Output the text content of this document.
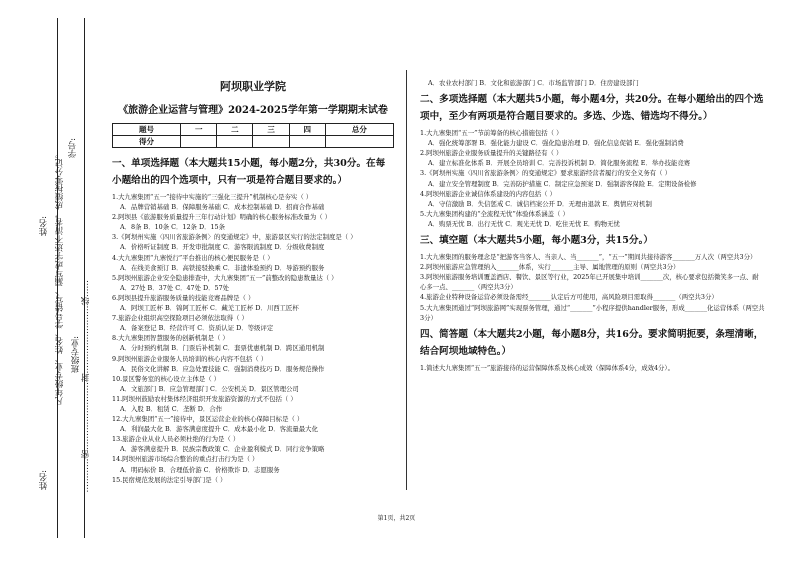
学号:
姓名: 凡年级专业、姓名、学号错写、漏写或字迹不清者，成绩按零分记。 班级专业: …………密……………………封……………………线……
姓名:
阿坝职业学院
《旅游企业运营与管理》2024-2025学年第一学期期末试卷
题号	一	二	三	四	总分
得分					
一、单项选择题（本大题共15小题，每小题2分，共30分。在每小题给出的四个选项中，只有一项是符合题目要求的。）
1.大九寨集团“五一”接待中实施的“三强化三提升”机制核心是夯实（ ）
A．品牌营销基础 B．保障服务基础 C．成本控制基础 D．招商合作基础
2.阿坝县《旅游服务质量提升三年行动计划》明确的核心服务标准改量为（ ）
A．8条 B．10条 C．12条 D．15条
3.《阿坝州实施〈四川省旅游条例〉的变通规定》中，旅游景区实行的法定制度是（ ）
A．价格听证制度 B．开发审批制度 C．游客限流制度 D．分级收费制度
4.大九寨集团“九寨悦行”平台推出的核心便民服务是（ ）
A．在线美食预订 B．高铁接驳换乘 C．非遗体验预约 D．导游预约服务
5.阿坝州旅游企业安全隐患排查中，大九寨集团“五一”前整改的隐患数量达（ ）
A．27处 B．37处 C．47处 D．57处
6.阿坝县提升旅游服务质量的技能竞赛品牌是（ ）
A．阿坝工匠杯 B．锦阿工匠杯 C．藏羌工匠杯 D．川西工匠杯
7.旅游企业组织高空探险项目必须依法取得（ ）
A．备案登记 B．经营许可 C．资质认证 D．等级评定
8.大九寨集团智慧服务的创新机制是（ ）
A．分时预约机制 B．门票后补机制 C．套票优惠机制 D．跨区通用机制
9.阿坝州旅游企业服务人员培训的核心内容不包括（ ）
A．民俗文化讲解 B．应急处置技能 C．强制消费技巧 D．服务规范操作
10.景区警务室的核心设立主体是（ ）
A．文旅部门 B．应急管理部门 C．公安机关 D．景区管理公司
11.阿坝州鼓励农村集体经济组织开发旅游资源的方式不包括（ ）
A．入股 B．租赁 C．垄断 D．合作
12.大九寨集团“五一”接待中，景区运营企业的核心保障目标是（ ）
A．利润最大化 B．游客满意度提升 C．成本最小化 D．客流量最大化
13.旅游企业从业人员必须杜绝的行为是（ ）
A．游客满意提升 B．民族宗教政策 C．企业盈利模式 D．同行竞争策略
14.阿坝州旅游市场综合整治的重点打击行为是（ ）
A．明码标价 B．合理低价游 C．价格欺诈 D．志愿服务
15.民宿规范发展的法定引导部门是（ ）
A．农业农村部门 B．文化和旅游部门 C．市场监管部门 D．住房建设部门
二、多项选择题（本大题共5小题，每小题4分，共20分。在每小题给出的四个选项中，至少有两项是符合题目要求的。多选、少选、错选均不得分。）
1.大九寨集团“五一”节前筹备的核心措施包括（ ）
A．强化统筹部署 B．强化能力建设 C．强化隐患治理 D．强化信息促销 E．强化强制消费
2.阿坝州旅游企业服务质量提升的关键路径有（ ）
A．建立标准化体系 B．开展全员培训 C．完善投诉机制 D．简化服务流程 E．举办技能竞赛
3.《阿坝州实施〈四川省旅游条例〉的变通规定》要求旅游经营者履行的安全义务有（ ）
A．建立安全管理制度 B．完善防护措施 C．制定应急预案 D．强制游客保险 E．定期设备检修
4.阿坝州旅游企业诚信体系建设的内容包括（ ）
A．守信激励 B．失信惩戒 C．诚信档案公开 D．无理由退款 E．舆情应对机制
5.大九寨集团构建的“全流程无忧”体验体系涵盖（ ）
A．购票无忧 B．出行无忧 C．观光无忧 D．吃住无忧 E．购物无忧
三、填空题（本大题共5小题，每小题3分，共15分。）
1.大九寨集团的服务理念是“把游客当客人、当亲人、当_______”，“五一”期间共接待游客_______万人次（两空共3分）
2.阿坝州旅游应急管理纳入_______体系，实行_______主导、属地管理的原则（两空共3分）
3.阿坝州旅游服务培训覆盖酒店、餐饮、景区等行业，2025年已开展集中培训_______次，核心要求包括微笑多一点、耐心多一点、_______（两空共3分）
4.旅游企业特种设备运营必须设备需经_______认定后方可使用，高风险项目需取得_______（两空共3分）
5.大九寨集团通过“阿坝旅游网”实现票务管理，通过“_______”小程序提供handler服务，形成_______化运营体系（两空共3分）
四、简答题（本大题共2小题，每小题8分，共16分。要求简明扼要，条理清晰，结合阿坝地域特色。）
1.简述大九寨集团“五一”旅游接待的运营保障体系及核心成效（保障体系4分，成效4分）。
第1页，共2页
